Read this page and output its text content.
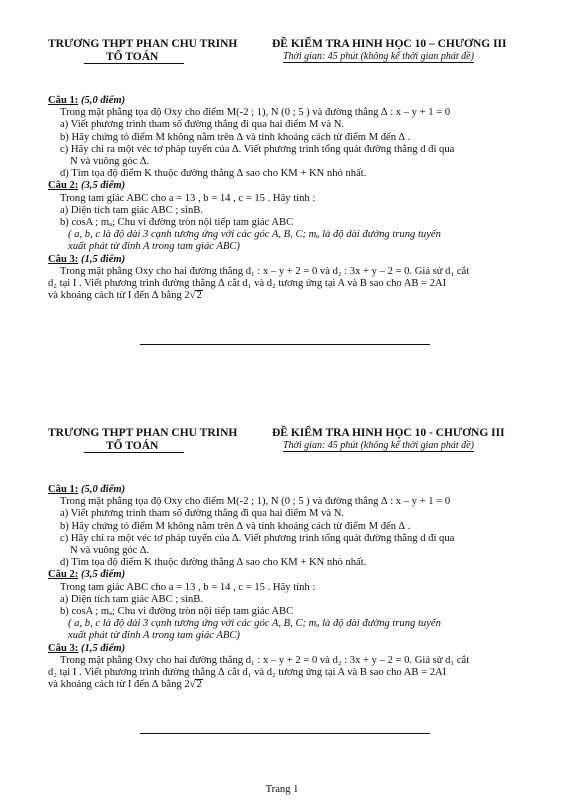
TRƯƠNG THPT PHAN CHU TRINH
TỔ TOÁN
ĐỀ KIỂM TRA HINH HỌC 10 – CHƯƠNG III
Thời gian: 45 phút (không kể thời gian phát đề)
Câu 1: (5,0 điểm)
Trong mặt phẳng tọa độ Oxy cho điểm M(-2 ; 1), N (0 ; 5 ) và đường thẳng ∆ : x – y + 1 = 0
a) Viết phương trình tham số đường thẳng đi qua hai điểm M và N.
b) Hãy chứng tỏ điểm M không nằm trên ∆ và tính khoảng cách từ điểm M đến ∆ .
c) Hãy chỉ ra một véc tơ pháp tuyến của ∆. Viết phương trình tổng quát đường thẳng d đi qua
N và vuông góc ∆.
d) Tìm tọa độ điểm K thuộc đường thẳng ∆ sao cho KM + KN nhỏ nhất.
Câu 2: (3,5 điểm)
Trong tam giác ABC cho a = 13 , b = 14 , c = 15 . Hãy tính :
a) Diện tích tam giác ABC ; sinB.
b) cosA ; mₐ; Chu vi đường tròn nội tiếp tam giác ABC
( a, b, c là độ dài 3 cạnh tương ứng với các góc A, B, C; mₐ là độ dài đường trung tuyến
xuất phát từ đỉnh A trong tam giác ABC)
Câu 3: (1,5 điểm)
Trong mặt phẳng Oxy cho hai đường thẳng d₁ : x – y + 2 = 0 và d₂ : 3x + y – 2 = 0. Giả sử d₁ cắt
d₂ tại I . Viết phương trình đường thẳng ∆ cắt d₁ và d₂ tương ứng tại A và B sao cho AB = 2AI
và khoảng cách từ I đến ∆ bằng 2√2
TRƯƠNG THPT PHAN CHU TRINH
TỔ TOÁN
ĐỀ KIỂM TRA HINH HỌC 10 - CHƯƠNG III
Thời gian: 45 phút (không kể thời gian phát đề)
Câu 1: (5,0 điểm)
Trong mặt phẳng tọa độ Oxy cho điểm M(-2 ; 1), N (0 ; 5 ) và đường thẳng ∆ : x – y + 1 = 0
a) Viết phương trình tham số đường thẳng đi qua hai điểm M và N.
b) Hãy chứng tỏ điểm M không nằm trên ∆ và tính khoảng cách từ điểm M đến ∆ .
c) Hãy chỉ ra một véc tơ pháp tuyến của ∆. Viết phương trình tổng quát đường thẳng d đi qua
N và vuông góc ∆.
d) Tìm tọa độ điểm K thuộc đường thẳng ∆ sao cho KM + KN nhỏ nhất.
Câu 2: (3,5 điểm)
Trong tam giác ABC cho a = 13 , b = 14 , c = 15 . Hãy tính :
a) Diện tích tam giác ABC ; sinB.
b) cosA ; mₐ; Chu vi đường tròn nội tiếp tam giác ABC
( a, b, c là độ dài 3 cạnh tương ứng với các góc A, B, C; mₐ là độ dài đường trung tuyến
xuất phát từ đỉnh A trong tam giác ABC)
Câu 3: (1,5 điểm)
Trong mặt phẳng Oxy cho hai đường thẳng d₁ : x – y + 2 = 0 và d₂ : 3x + y – 2 = 0. Giả sử d₁ cắt
d₂ tại I . Viết phương trình đường thẳng ∆ cắt d₁ và d₂ tương ứng tại A và B sao cho AB = 2AI
và khoảng cách từ I đến ∆ bằng 2√2
Trang 1
